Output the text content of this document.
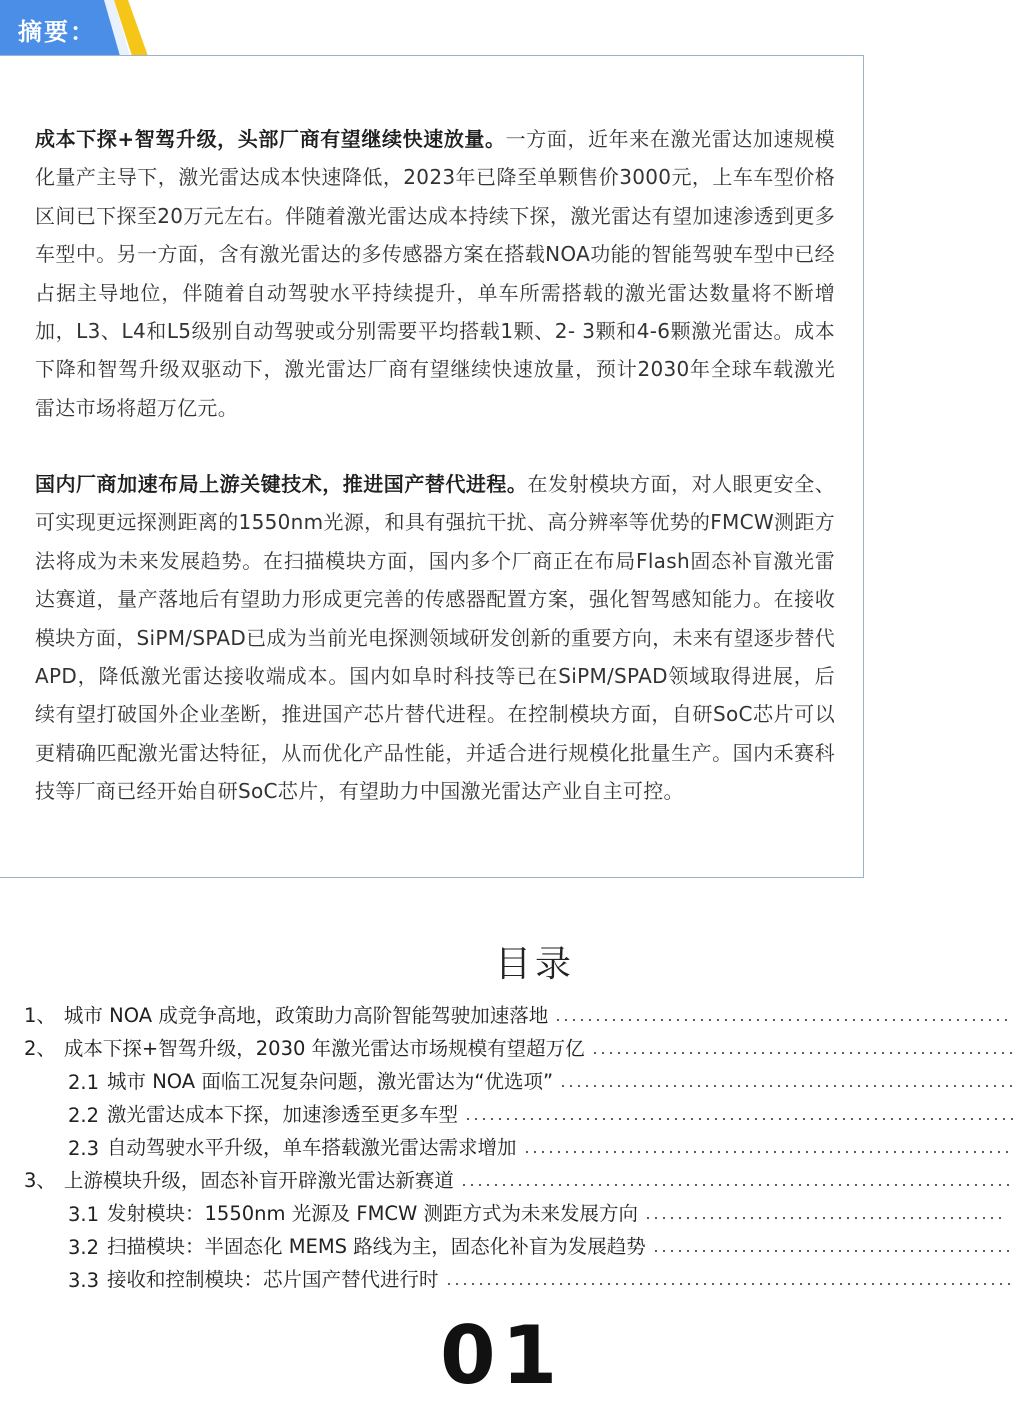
摘要：

成本下探+智驾升级，头部厂商有望继续快速放量。一方面，近年来在激光雷达加速规模化量产主导下，激光雷达成本快速降低，2023年已降至单颗售价3000元，上车车型价格区间已下探至20万元左右。伴随着激光雷达成本持续下探，激光雷达有望加速渗透到更多车型中。另一方面，含有激光雷达的多传感器方案在搭载NOA功能的智能驾驶车型中已经占据主导地位，伴随着自动驾驶水平持续提升，单车所需搭载的激光雷达数量将不断增加，L3、L4和L5级别自动驾驶或分别需要平均搭载1颗、2- 3颗和4-6颗激光雷达。成本下降和智驾升级双驱动下，激光雷达厂商有望继续快速放量，预计2030年全球车载激光雷达市场将超万亿元。

国内厂商加速布局上游关键技术，推进国产替代进程。在发射模块方面，对人眼更安全、可实现更远探测距离的1550nm光源，和具有强抗干扰、高分辨率等优势的FMCW测距方法将成为未来发展趋势。在扫描模块方面，国内多个厂商正在布局Flash固态补盲激光雷达赛道，量产落地后有望助力形成更完善的传感器配置方案，强化智驾感知能力。在接收模块方面，SiPM/SPAD已成为当前光电探测领域研发创新的重要方向，未来有望逐步替代APD，降低激光雷达接收端成本。国内如阜时科技等已在SiPM/SPAD领域取得进展，后续有望打破国外企业垄断，推进国产芯片替代进程。在控制模块方面，自研SoC芯片可以更精确匹配激光雷达特征，从而优化产品性能，并适合进行规模化批量生产。国内禾赛科技等厂商已经开始自研SoC芯片，有望助力中国激光雷达产业自主可控。

目录
1、 城市 NOA 成竞争高地，政策助力高阶智能驾驶加速落地
2、 成本下探+智驾升级，2030 年激光雷达市场规模有望超万亿
2.1 城市 NOA 面临工况复杂问题，激光雷达为“优选项”
2.2 激光雷达成本下探，加速渗透至更多车型
2.3 自动驾驶水平升级，单车搭载激光雷达需求增加
3、 上游模块升级，固态补盲开辟激光雷达新赛道
3.1 发射模块：1550nm 光源及 FMCW 测距方式为未来发展方向
3.2 扫描模块：半固态化 MEMS 路线为主，固态化补盲为发展趋势
3.3 接收和控制模块：芯片国产替代进行时
01
